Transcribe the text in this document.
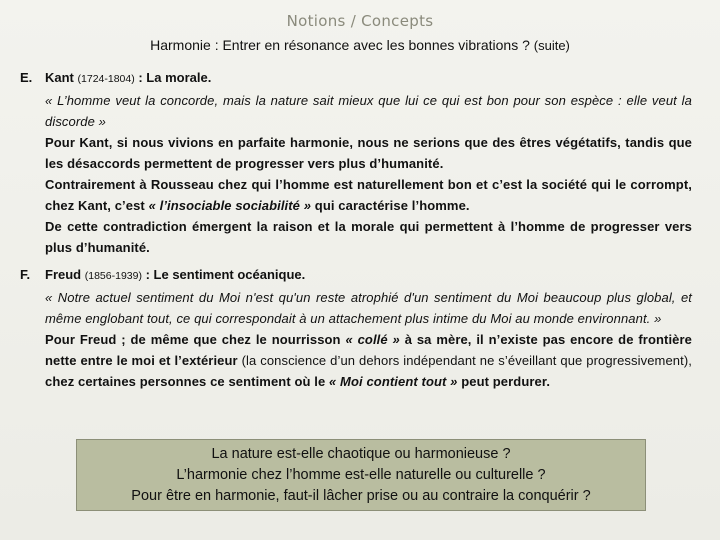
Notions / Concepts
Harmonie : Entrer en résonance avec les bonnes vibrations ? (suite)
E. Kant (1724-1804) : La morale.
« L’homme veut la concorde, mais la nature sait mieux que lui ce qui est bon pour son espèce : elle veut la discorde »
Pour Kant, si nous vivions en parfaite harmonie, nous ne serions que des êtres végétatifs, tandis que les désaccords permettent de progresser vers plus d’humanité.
Contrairement à Rousseau chez qui l’homme est naturellement bon et c’est la société qui le corrompt, chez Kant, c’est « l’insociable sociabilité » qui caractérise l’homme.
De cette contradiction émergent la raison et la morale qui permettent à l’homme de progresser vers plus d’humanité.
F.	Freud (1856-1939) : Le sentiment océanique.
« Notre actuel sentiment du Moi n'est qu'un reste atrophié d'un sentiment du Moi beaucoup plus global, et même englobant tout, ce qui correspondait à un attachement plus intime du Moi au monde environnant. »
Pour Freud ; de même que chez le nourrisson « collé » à sa mère, il n’existe pas encore de frontière nette entre le moi et l’extérieur (la conscience d’un dehors indépendant ne s’éveillant que progressivement), chez certaines personnes ce sentiment où le « Moi contient tout » peut perdurer.
La nature est-elle chaotique ou harmonieuse ?
L’harmonie chez l’homme est-elle naturelle ou culturelle ?
Pour être en harmonie, faut-il lâcher prise ou au contraire la conquérir ?
